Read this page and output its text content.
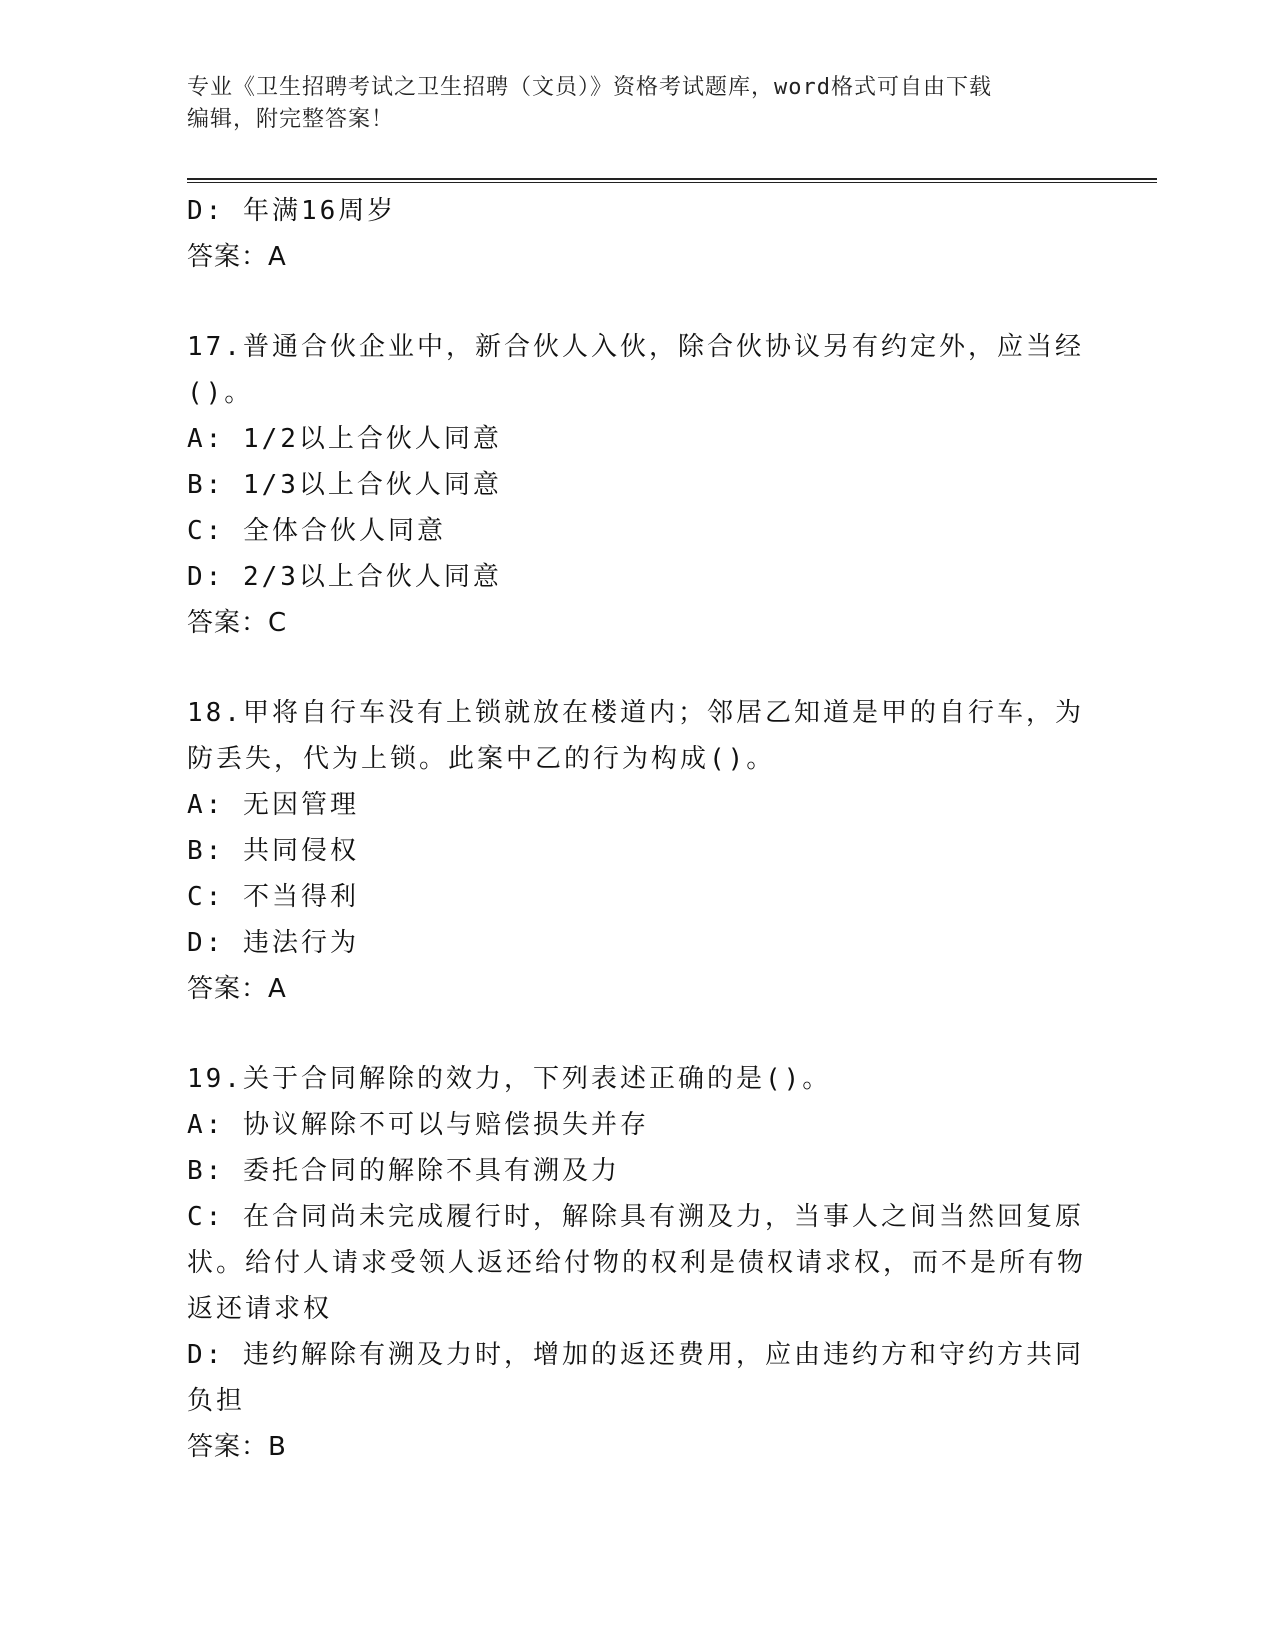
专业《卫生招聘考试之卫生招聘（文员）》资格考试题库，word格式可自由下载
编辑，附完整答案！
D: 年满16周岁
答案：A
17.普通合伙企业中，新合伙人入伙，除合伙协议另有约定外，应当经()。
A: 1/2以上合伙人同意
B: 1/3以上合伙人同意
C: 全体合伙人同意
D: 2/3以上合伙人同意
答案：C
18.甲将自行车没有上锁就放在楼道内；邻居乙知道是甲的自行车，为防丢失，代为上锁。此案中乙的行为构成()。
A: 无因管理
B: 共同侵权
C: 不当得利
D: 违法行为
答案：A
19.关于合同解除的效力，下列表述正确的是()。
A: 协议解除不可以与赔偿损失并存
B: 委托合同的解除不具有溯及力
C: 在合同尚未完成履行时，解除具有溯及力，当事人之间当然回复原状。给付人请求受领人返还给付物的权利是债权请求权，而不是所有物返还请求权
D: 违约解除有溯及力时，增加的返还费用，应由违约方和守约方共同负担
答案：B
